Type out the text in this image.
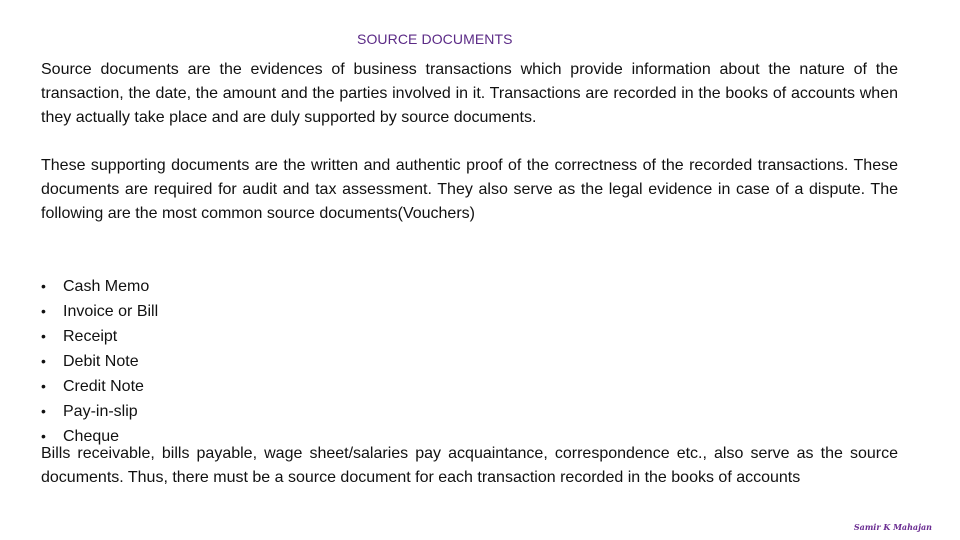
SOURCE DOCUMENTS

Source documents are the evidences of business transactions which provide information about the nature of the transaction, the date, the amount and the parties involved in it. Transactions are recorded in the books of accounts when they actually take place and are duly supported by source documents.

These supporting documents are the written and authentic proof of the correctness of the recorded transactions. These documents are required for audit and tax assessment. They also serve as the legal evidence in case of a dispute. The following are the most common source documents(Vouchers)

•	Cash Memo
•	Invoice or Bill
•	Receipt
•	Debit Note
•	Credit Note
•	Pay-in-slip
•	Cheque

Bills receivable, bills payable, wage sheet/salaries pay acquaintance, correspondence etc., also serve as the source documents. Thus, there must be a source document for each transaction recorded in the books of accounts

Samir K Mahajan
